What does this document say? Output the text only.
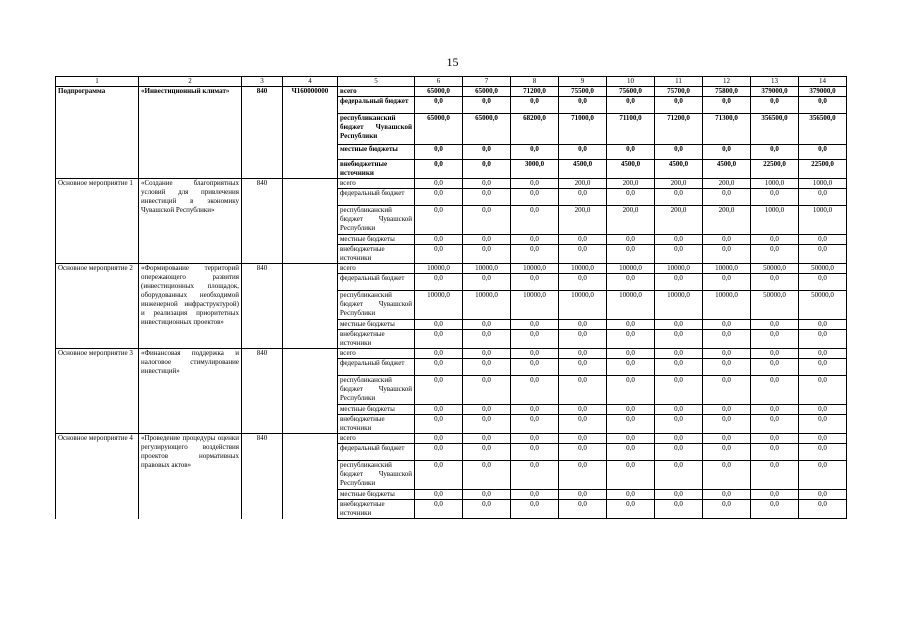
15
1	2	3	4	5	6	7	8	9	10	11	12	13	14
Подпрограмма	«Инвестиционный климат»	840	Ч160000000	всего	65000,0	65000,0	71200,0	75500,0	75600,0	75700,0	75800,0	379000,0	379000,0
				федеральный бюджет	0,0	0,0	0,0	0,0	0,0	0,0	0,0	0,0	0,0
				республиканский бюджет Чувашской Республики	65000,0	65000,0	68200,0	71000,0	71100,0	71200,0	71300,0	356500,0	356500,0
				местные бюджеты	0,0	0,0	0,0	0,0	0,0	0,0	0,0	0,0	0,0
				внебюджетные источники	0,0	0,0	3000,0	4500,0	4500,0	4500,0	4500,0	22500,0	22500,0
Основное мероприятие 1	«Создание благоприятных условий для привлечения инвестиций в экономику Чувашской Республики»	840		всего	0,0	0,0	0,0	200,0	200,0	200,0	200,0	1000,0	1000,0
				федеральный бюджет	0,0	0,0	0,0	0,0	0,0	0,0	0,0	0,0	0,0
				республиканский бюджет Чувашской Республики	0,0	0,0	0,0	200,0	200,0	200,0	200,0	1000,0	1000,0
				местные бюджеты	0,0	0,0	0,0	0,0	0,0	0,0	0,0	0,0	0,0
				внебюджетные источники	0,0	0,0	0,0	0,0	0,0	0,0	0,0	0,0	0,0
Основное мероприятие 2	«Формирование территорий опережающего развития (инвестиционных площадок, оборудованных необходимой инженерной инфраструктурой) и реализация приоритетных инвестиционных проектов»	840		всего	10000,0	10000,0	10000,0	10000,0	10000,0	10000,0	10000,0	50000,0	50000,0
				федеральный бюджет	0,0	0,0	0,0	0,0	0,0	0,0	0,0	0,0	0,0
				республиканский бюджет Чувашской Республики	10000,0	10000,0	10000,0	10000,0	10000,0	10000,0	10000,0	50000,0	50000,0
				местные бюджеты	0,0	0,0	0,0	0,0	0,0	0,0	0,0	0,0	0,0
				внебюджетные источники	0,0	0,0	0,0	0,0	0,0	0,0	0,0	0,0	0,0
Основное мероприятие 3	«Финансовая поддержка и налоговое стимулирование инвестиций»	840		всего	0,0	0,0	0,0	0,0	0,0	0,0	0,0	0,0	0,0
				федеральный бюджет	0,0	0,0	0,0	0,0	0,0	0,0	0,0	0,0	0,0
				республиканский бюджет Чувашской Республики	0,0	0,0	0,0	0,0	0,0	0,0	0,0	0,0	0,0
				местные бюджеты	0,0	0,0	0,0	0,0	0,0	0,0	0,0	0,0	0,0
				внебюджетные источники	0,0	0,0	0,0	0,0	0,0	0,0	0,0	0,0	0,0
Основное мероприятие 4	«Проведение процедуры оценки регулирующего воздействия проектов нормативных правовых актов»	840		всего	0,0	0,0	0,0	0,0	0,0	0,0	0,0	0,0	0,0
				федеральный бюджет	0,0	0,0	0,0	0,0	0,0	0,0	0,0	0,0	0,0
				республиканский бюджет Чувашской Республики	0,0	0,0	0,0	0,0	0,0	0,0	0,0	0,0	0,0
				местные бюджеты	0,0	0,0	0,0	0,0	0,0	0,0	0,0	0,0	0,0
				внебюджетные источники	0,0	0,0	0,0	0,0	0,0	0,0	0,0	0,0	0,0
